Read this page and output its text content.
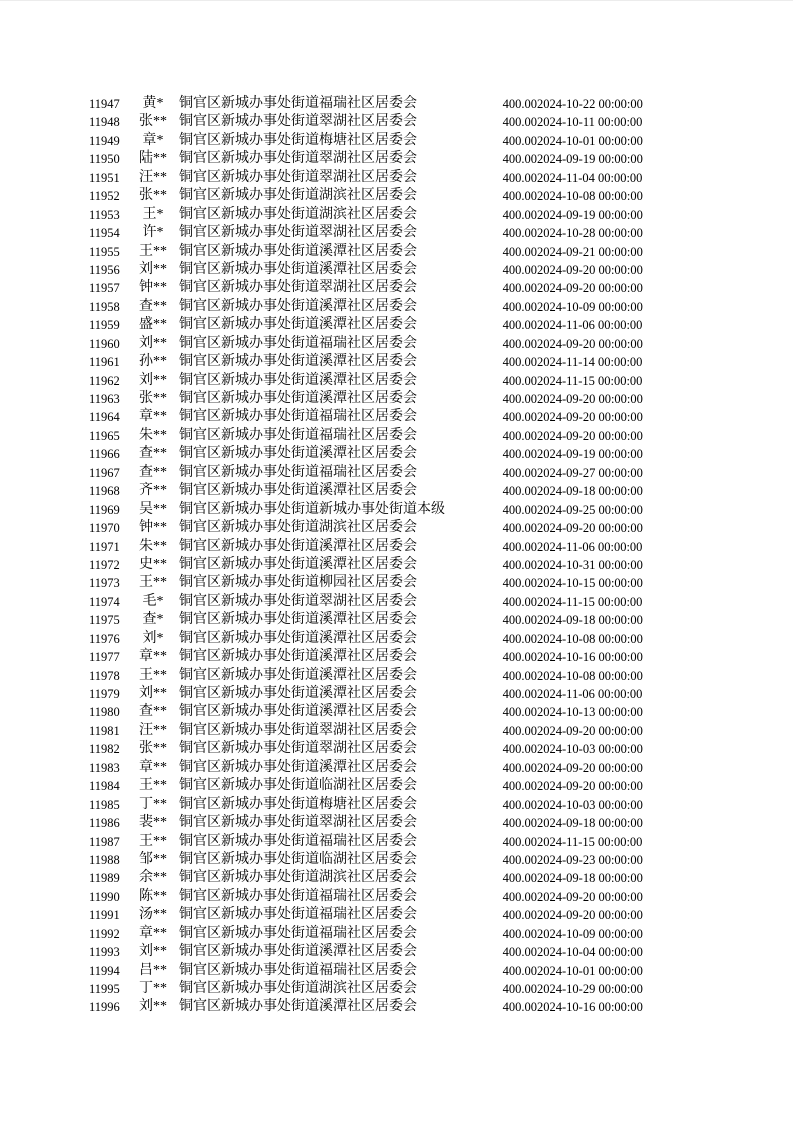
11947	黄*	铜官区新城办事处街道福瑞社区居委会	400.00	2024-10-22 00:00:00
11948	张**	铜官区新城办事处街道翠湖社区居委会	400.00	2024-10-11 00:00:00
11949	章*	铜官区新城办事处街道梅塘社区居委会	400.00	2024-10-01 00:00:00
11950	陆**	铜官区新城办事处街道翠湖社区居委会	400.00	2024-09-19 00:00:00
11951	汪**	铜官区新城办事处街道翠湖社区居委会	400.00	2024-11-04 00:00:00
11952	张**	铜官区新城办事处街道湖滨社区居委会	400.00	2024-10-08 00:00:00
11953	王*	铜官区新城办事处街道湖滨社区居委会	400.00	2024-09-19 00:00:00
11954	许*	铜官区新城办事处街道翠湖社区居委会	400.00	2024-10-28 00:00:00
11955	王**	铜官区新城办事处街道溪潭社区居委会	400.00	2024-09-21 00:00:00
11956	刘**	铜官区新城办事处街道溪潭社区居委会	400.00	2024-09-20 00:00:00
11957	钟**	铜官区新城办事处街道翠湖社区居委会	400.00	2024-09-20 00:00:00
11958	查**	铜官区新城办事处街道溪潭社区居委会	400.00	2024-10-09 00:00:00
11959	盛**	铜官区新城办事处街道溪潭社区居委会	400.00	2024-11-06 00:00:00
11960	刘**	铜官区新城办事处街道福瑞社区居委会	400.00	2024-09-20 00:00:00
11961	孙**	铜官区新城办事处街道溪潭社区居委会	400.00	2024-11-14 00:00:00
11962	刘**	铜官区新城办事处街道溪潭社区居委会	400.00	2024-11-15 00:00:00
11963	张**	铜官区新城办事处街道溪潭社区居委会	400.00	2024-09-20 00:00:00
11964	章**	铜官区新城办事处街道福瑞社区居委会	400.00	2024-09-20 00:00:00
11965	朱**	铜官区新城办事处街道福瑞社区居委会	400.00	2024-09-20 00:00:00
11966	查**	铜官区新城办事处街道溪潭社区居委会	400.00	2024-09-19 00:00:00
11967	查**	铜官区新城办事处街道福瑞社区居委会	400.00	2024-09-27 00:00:00
11968	齐**	铜官区新城办事处街道溪潭社区居委会	400.00	2024-09-18 00:00:00
11969	吴**	铜官区新城办事处街道新城办事处街道本级	400.00	2024-09-25 00:00:00
11970	钟**	铜官区新城办事处街道湖滨社区居委会	400.00	2024-09-20 00:00:00
11971	朱**	铜官区新城办事处街道溪潭社区居委会	400.00	2024-11-06 00:00:00
11972	史**	铜官区新城办事处街道溪潭社区居委会	400.00	2024-10-31 00:00:00
11973	王**	铜官区新城办事处街道柳园社区居委会	400.00	2024-10-15 00:00:00
11974	毛*	铜官区新城办事处街道翠湖社区居委会	400.00	2024-11-15 00:00:00
11975	查*	铜官区新城办事处街道溪潭社区居委会	400.00	2024-09-18 00:00:00
11976	刘*	铜官区新城办事处街道溪潭社区居委会	400.00	2024-10-08 00:00:00
11977	章**	铜官区新城办事处街道溪潭社区居委会	400.00	2024-10-16 00:00:00
11978	王**	铜官区新城办事处街道溪潭社区居委会	400.00	2024-10-08 00:00:00
11979	刘**	铜官区新城办事处街道溪潭社区居委会	400.00	2024-11-06 00:00:00
11980	查**	铜官区新城办事处街道溪潭社区居委会	400.00	2024-10-13 00:00:00
11981	汪**	铜官区新城办事处街道翠湖社区居委会	400.00	2024-09-20 00:00:00
11982	张**	铜官区新城办事处街道翠湖社区居委会	400.00	2024-10-03 00:00:00
11983	章**	铜官区新城办事处街道溪潭社区居委会	400.00	2024-09-20 00:00:00
11984	王**	铜官区新城办事处街道临湖社区居委会	400.00	2024-09-20 00:00:00
11985	丁**	铜官区新城办事处街道梅塘社区居委会	400.00	2024-10-03 00:00:00
11986	裴**	铜官区新城办事处街道翠湖社区居委会	400.00	2024-09-18 00:00:00
11987	王**	铜官区新城办事处街道福瑞社区居委会	400.00	2024-11-15 00:00:00
11988	邹**	铜官区新城办事处街道临湖社区居委会	400.00	2024-09-23 00:00:00
11989	余**	铜官区新城办事处街道湖滨社区居委会	400.00	2024-09-18 00:00:00
11990	陈**	铜官区新城办事处街道福瑞社区居委会	400.00	2024-09-20 00:00:00
11991	汤**	铜官区新城办事处街道福瑞社区居委会	400.00	2024-09-20 00:00:00
11992	章**	铜官区新城办事处街道福瑞社区居委会	400.00	2024-10-09 00:00:00
11993	刘**	铜官区新城办事处街道溪潭社区居委会	400.00	2024-10-04 00:00:00
11994	吕**	铜官区新城办事处街道福瑞社区居委会	400.00	2024-10-01 00:00:00
11995	丁**	铜官区新城办事处街道湖滨社区居委会	400.00	2024-10-29 00:00:00
11996	刘**	铜官区新城办事处街道溪潭社区居委会	400.00	2024-10-16 00:00:00
